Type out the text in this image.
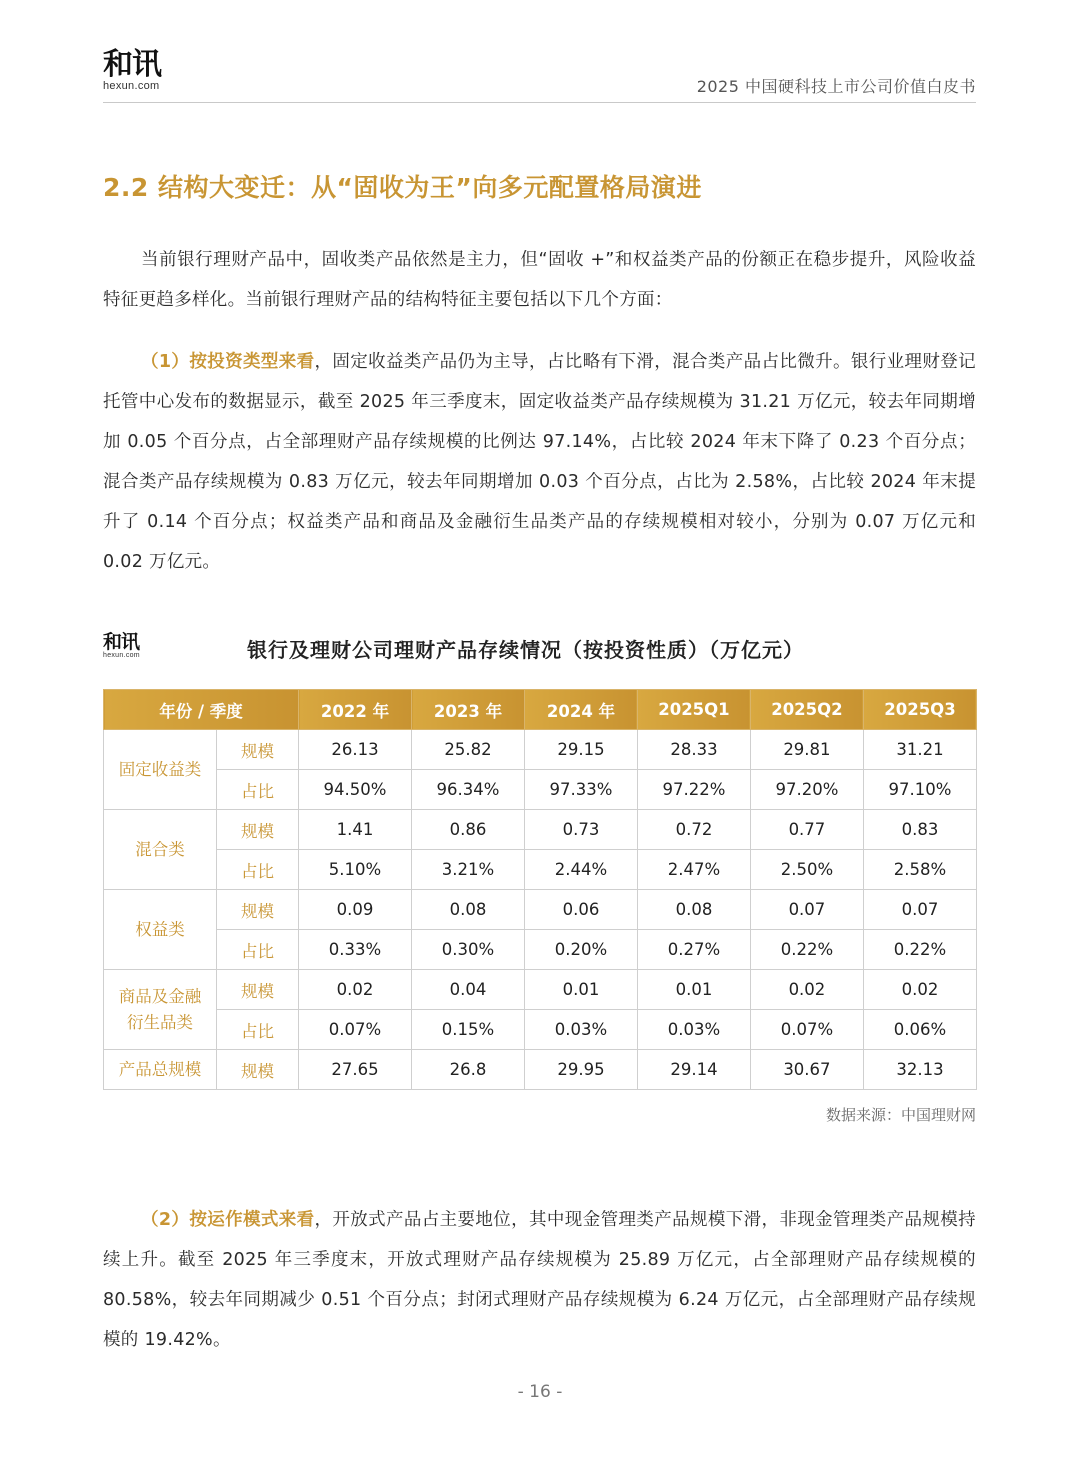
和讯
hexun.com	2025 中国硬科技上市公司价值白皮书
2.2 结构大变迁：从“固收为王”向多元配置格局演进

当前银行理财产品中，固收类产品依然是主力，但“固收 +”和权益类产品的份额正在稳步提升，风险收益特征更趋多样化。当前银行理财产品的结构特征主要包括以下几个方面：

（1）按投资类型来看，固定收益类产品仍为主导，占比略有下滑，混合类产品占比微升。银行业理财登记托管中心发布的数据显示，截至 2025 年三季度末，固定收益类产品存续规模为 31.21 万亿元，较去年同期增加 0.05 个百分点，占全部理财产品存续规模的比例达 97.14%，占比较 2024 年末下降了 0.23 个百分点；混合类产品存续规模为 0.83 万亿元，较去年同期增加 0.03 个百分点，占比为 2.58%，占比较 2024 年末提升了 0.14 个百分点；权益类产品和商品及金融衍生品类产品的存续规模相对较小，分别为 0.07 万亿元和 0.02 万亿元。

和讯
hexun.com	银行及理财公司理财产品存续情况（按投资性质）（万亿元）
年份 / 季度		2022 年	2023 年	2024 年	2025Q1	2025Q2	2025Q3
固定收益类	规模	26.13	25.82	29.15	28.33	29.81	31.21
	占比	94.50%	96.34%	97.33%	97.22%	97.20%	97.10%
混合类	规模	1.41	0.86	0.73	0.72	0.77	0.83
	占比	5.10%	3.21%	2.44%	2.47%	2.50%	2.58%
权益类	规模	0.09	0.08	0.06	0.08	0.07	0.07
	占比	0.33%	0.30%	0.20%	0.27%	0.22%	0.22%
商品及金融
衍生品类	规模	0.02	0.04	0.01	0.01	0.02	0.02
	占比	0.07%	0.15%	0.03%	0.03%	0.07%	0.06%
产品总规模	规模	27.65	26.8	29.95	29.14	30.67	32.13
数据来源：中国理财网

（2）按运作模式来看，开放式产品占主要地位，其中现金管理类产品规模下滑，非现金管理类产品规模持续上升。截至 2025 年三季度末，开放式理财产品存续规模为 25.89 万亿元，占全部理财产品存续规模的 80.58%，较去年同期减少 0.51 个百分点；封闭式理财产品存续规模为 6.24 万亿元，占全部理财产品存续规模的 19.42%。

- 16 -
